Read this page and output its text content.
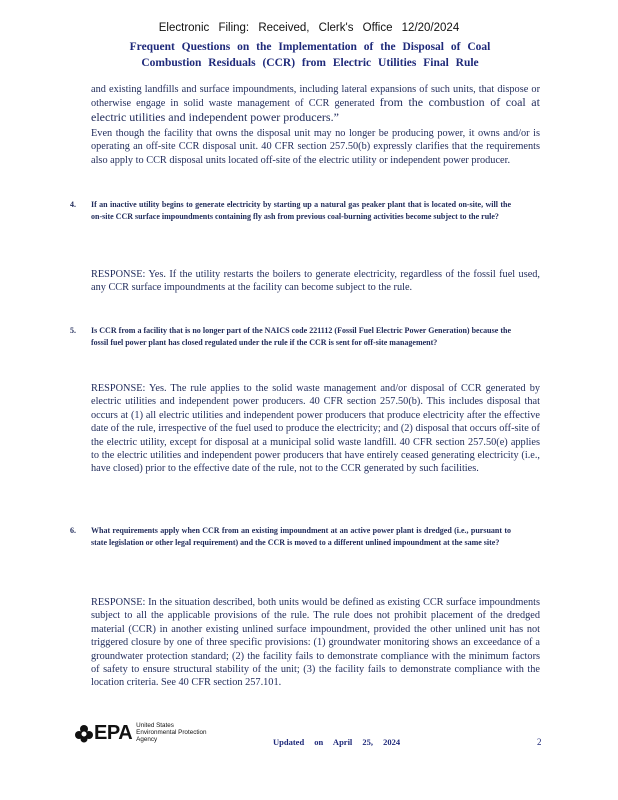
Electronic Filing: Received, Clerk's Office 12/20/2024
Frequent Questions on the Implementation of the Disposal of Coal
Combustion Residuals (CCR) from Electric Utilities Final Rule
and existing landfills and surface impoundments, including lateral expansions of such units, that dispose or otherwise engage in solid waste management of CCR generated from the combustion of coal at electric utilities and independent power producers.”
Even though the facility that owns the disposal unit may no longer be producing power, it owns and/or is operating an off-site CCR disposal unit. 40 CFR section 257.50(b) expressly clarifies that the requirements also apply to CCR disposal units located off-site of the electric utility or independent power producer.
4. If an inactive utility begins to generate electricity by starting up a natural gas peaker plant that is located on-site, will the on-site CCR surface impoundments containing fly ash from previous coal-burning activities become subject to the rule?
RESPONSE: Yes. If the utility restarts the boilers to generate electricity, regardless of the fossil fuel used, any CCR surface impoundments at the facility can become subject to the rule.
5. Is CCR from a facility that is no longer part of the NAICS code 221112 (Fossil Fuel Electric Power Generation) because the fossil fuel power plant has closed regulated under the rule if the CCR is sent for off-site management?
RESPONSE: Yes. The rule applies to the solid waste management and/or disposal of CCR generated by electric utilities and independent power producers. 40 CFR section 257.50(b). This includes disposal that occurs at (1) all electric utilities and independent power producers that produce electricity after the effective date of the rule, irrespective of the fuel used to produce the electricity; and (2) disposal that occurs off-site of the electric utility, except for disposal at a municipal solid waste landfill. 40 CFR section 257.50(e) applies to the electric utilities and independent power producers that have entirely ceased generating electricity (i.e., have closed) prior to the effective date of the rule, not to the CCR generated by such facilities.
6. What requirements apply when CCR from an existing impoundment at an active power plant is dredged (i.e., pursuant to state legislation or other legal requirement) and the CCR is moved to a different unlined impoundment at the same site?
RESPONSE: In the situation described, both units would be defined as existing CCR surface impoundments subject to all the applicable provisions of the rule. The rule does not prohibit placement of the dredged material (CCR) in another existing unlined surface impoundment, provided the other unlined unit has not triggered closure by one of three specific provisions: (1) groundwater monitoring shows an exceedance of a groundwater protection standard; (2) the facility fails to demonstrate compliance with the minimum factors of safety to ensure structural stability of the unit; (3) the facility fails to demonstrate compliance with the location criteria. See 40 CFR section 257.101.
EPA United States
Environmental Protection
Agency	Updated on April 25, 2024	2
